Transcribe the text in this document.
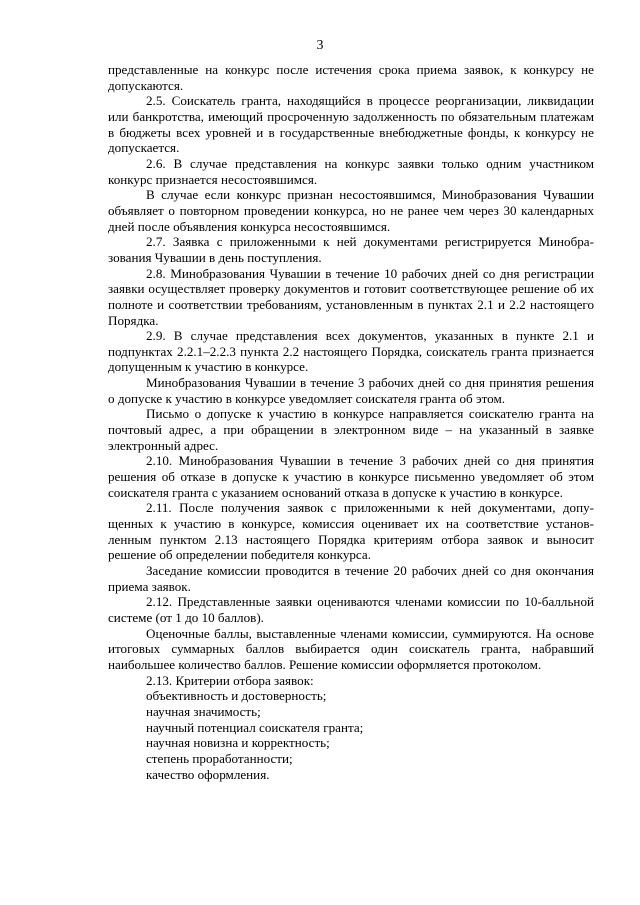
3

представленные на конкурс после истечения срока приема заявок, к конкурсу не допускаются.

2.5. Соискатель гранта, находящийся в процессе реорганизации, ликвидации или банкротства, имеющий просроченную задолженность по обязательным платежам в бюджеты всех уровней и в государственные внебюджетные фонды, к конкурсу не допускается.

2.6. В случае представления на конкурс заявки только одним участником конкурс признается несостоявшимся.

В случае если конкурс признан несостоявшимся, Минобразования Чувашии объявляет о повторном проведении конкурса, но не ранее чем через 30 календарных дней после объявления конкурса несостоявшимся.

2.7. Заявка с приложенными к ней документами регистрируется Минобразования Чувашии в день поступления.

2.8. Минобразования Чувашии в течение 10 рабочих дней со дня регистрации заявки осуществляет проверку документов и готовит соответствующее решение об их полноте и соответствии требованиям, установленным в пунктах 2.1 и 2.2 настоящего Порядка.

2.9. В случае представления всех документов, указанных в пункте 2.1 и подпунктах 2.2.1–2.2.3 пункта 2.2 настоящего Порядка, соискатель гранта признается допущенным к участию в конкурсе.

Минобразования Чувашии в течение 3 рабочих дней со дня принятия решения о допуске к участию в конкурсе уведомляет соискателя гранта об этом.

Письмо о допуске к участию в конкурсе направляется соискателю гранта на почтовый адрес, а при обращении в электронном виде – на указанный в заявке электронный адрес.

2.10. Минобразования Чувашии в течение 3 рабочих дней со дня принятия решения об отказе в допуске к участию в конкурсе письменно уведомляет об этом соискателя гранта с указанием оснований отказа в допуске к участию в конкурсе.

2.11. После получения заявок с приложенными к ней документами, допущенных к участию в конкурсе, комиссия оценивает их на соответствие установленным пунктом 2.13 настоящего Порядка критериям отбора заявок и выносит решение об определении победителя конкурса.

Заседание комиссии проводится в течение 20 рабочих дней со дня окончания приема заявок.

2.12. Представленные заявки оцениваются членами комиссии по 10-балльной системе (от 1 до 10 баллов).

Оценочные баллы, выставленные членами комиссии, суммируются. На основе итоговых суммарных баллов выбирается один соискатель гранта, набравший наибольшее количество баллов. Решение комиссии оформляется протоколом.

2.13. Критерии отбора заявок:

объективность и достоверность;

научная значимость;

научный потенциал соискателя гранта;

научная новизна и корректность;

степень проработанности;

качество оформления.
